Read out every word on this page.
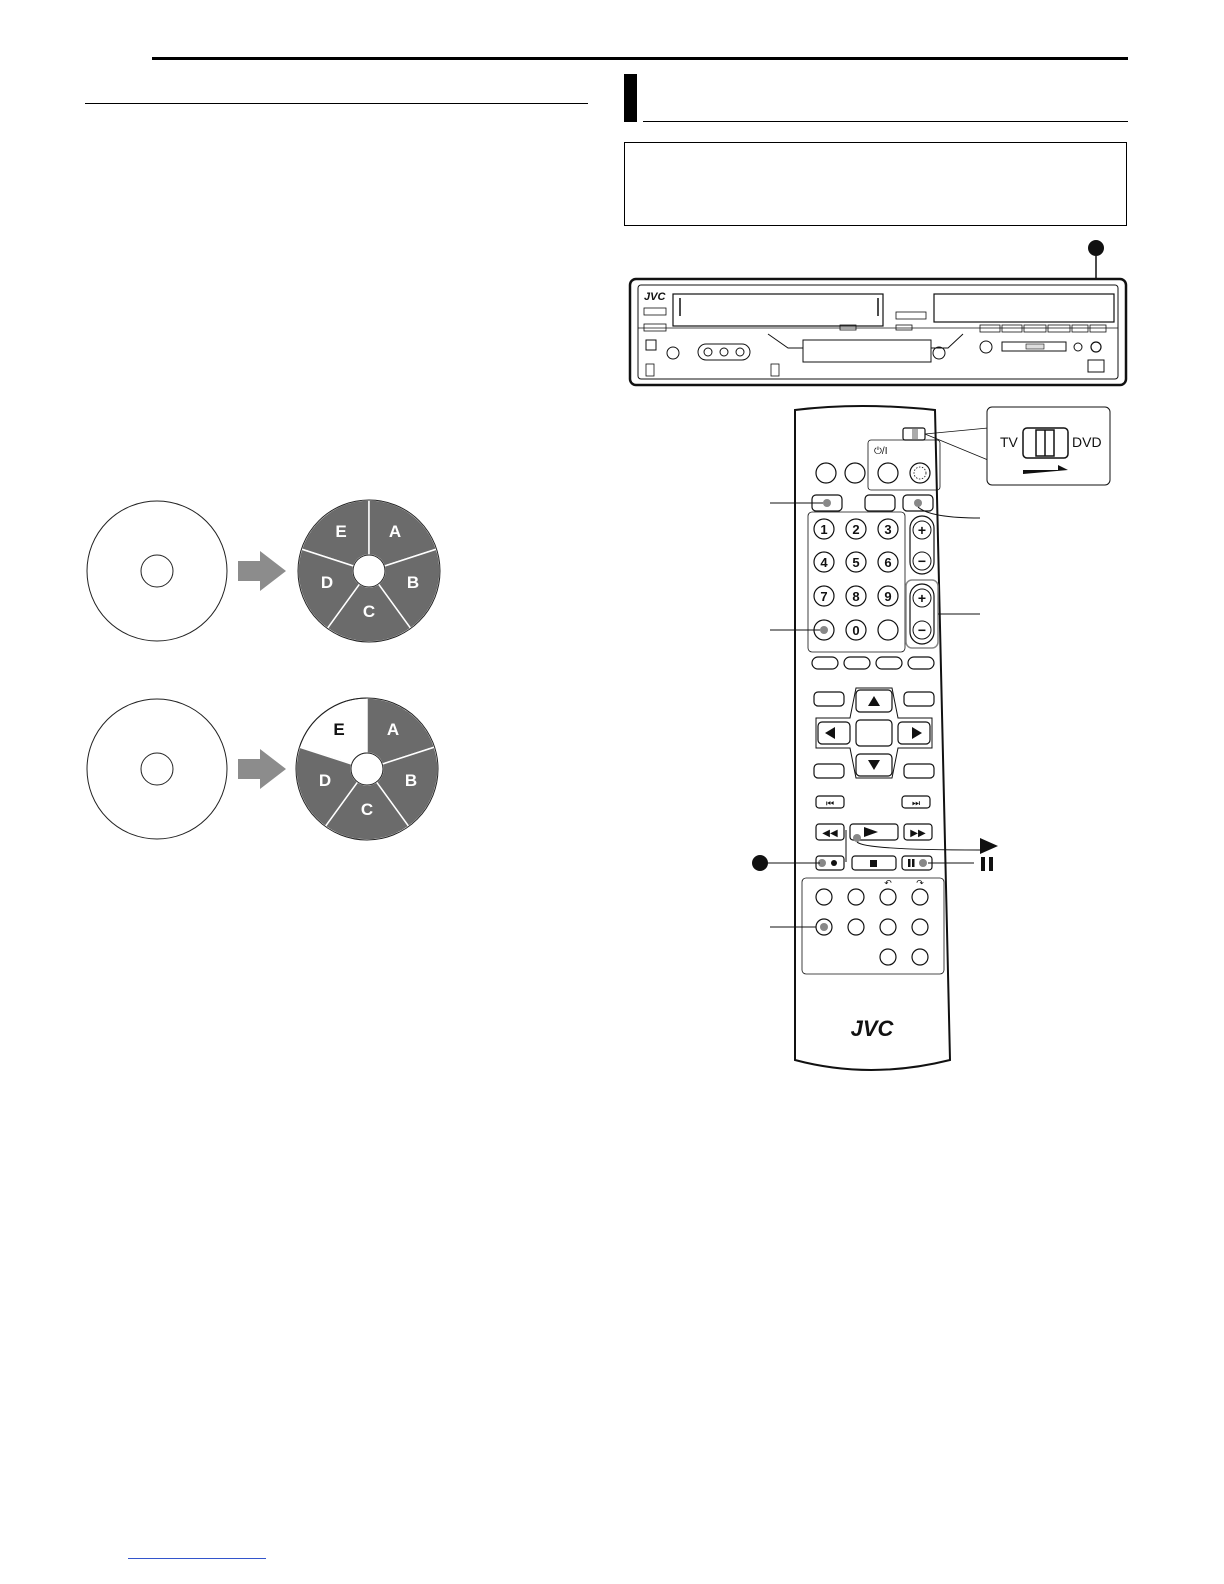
E A
B
C
D
E A
B
C
D
JVC
TV	DVD
⏻/I
1 2 3
4 5 6
7 8 9
0
+
−
+
−
⏮	⏭
◀◀	▶▶
↶	↷
JVC
